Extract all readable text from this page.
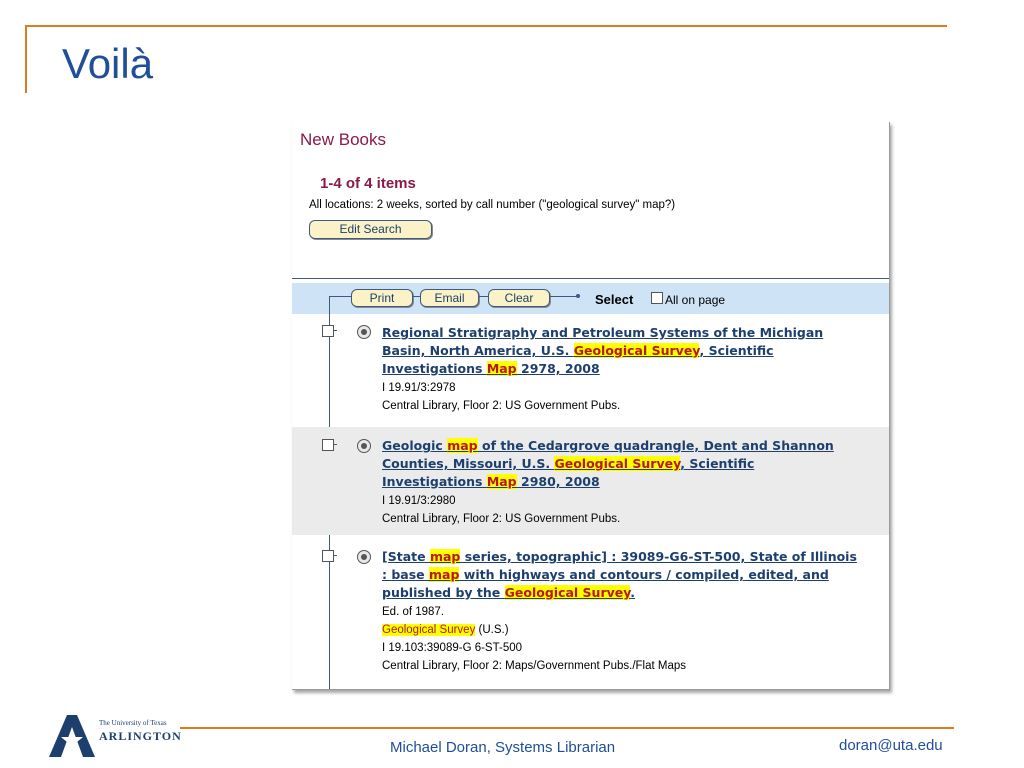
Voilà
New Books
1-4 of 4 items
All locations: 2 weeks, sorted by call number ("geological survey" map?)
Edit Search
Print	Email	Clear	Select	All on page
Regional Stratigraphy and Petroleum Systems of the Michigan
Basin, North America, U.S. Geological Survey, Scientific
Investigations Map 2978, 2008
I 19.91/3:2978
Central Library, Floor 2: US Government Pubs.
Geologic map of the Cedargrove quadrangle, Dent and Shannon
Counties, Missouri, U.S. Geological Survey, Scientific
Investigations Map 2980, 2008
I 19.91/3:2980
Central Library, Floor 2: US Government Pubs.
[State map series, topographic] : 39089-G6-ST-500, State of Illinois
: base map with highways and contours / compiled, edited, and
published by the Geological Survey.
Ed. of 1987.
Geological Survey (U.S.)
I 19.103:39089-G 6-ST-500
Central Library, Floor 2: Maps/Government Pubs./Flat Maps
The University of Texas
ARLINGTON
Michael Doran, Systems Librarian	doran@uta.edu
